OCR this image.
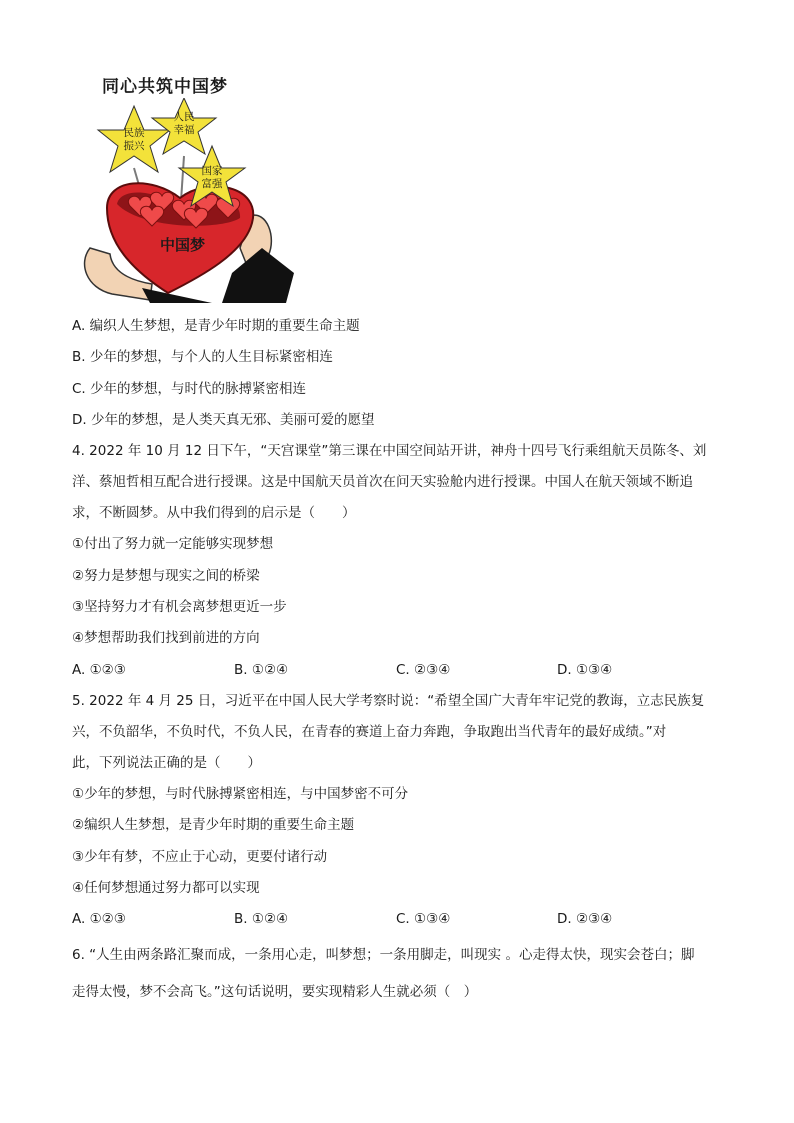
同心共筑中国梦
中国梦
民族
振兴
人民
幸福
国家
富强
A. 编织人生梦想，是青少年时期的重要生命主题
B. 少年的梦想，与个人的人生目标紧密相连
C. 少年的梦想，与时代的脉搏紧密相连
D. 少年的梦想，是人类天真无邪、美丽可爱的愿望
4. 2022 年 10 月 12 日下午，“天宫课堂”第三课在中国空间站开讲，神舟十四号飞行乘组航天员陈冬、刘
洋、蔡旭哲相互配合进行授课。这是中国航天员首次在问天实验舱内进行授课。中国人在航天领域不断追
求，不断圆梦。从中我们得到的启示是（　　）
①付出了努力就一定能够实现梦想
②努力是梦想与现实之间的桥梁
③坚持努力才有机会离梦想更近一步
④梦想帮助我们找到前进的方向
A. ①②③	B. ①②④	C. ②③④	D. ①③④
5. 2022 年 4 月 25 日，习近平在中国人民大学考察时说：“希望全国广大青年牢记党的教诲，立志民族复
兴，不负韶华，不负时代，不负人民，在青春的赛道上奋力奔跑，争取跑出当代青年的最好成绩。”对
此，下列说法正确的是（　　）
①少年的梦想，与时代脉搏紧密相连，与中国梦密不可分
②编织人生梦想，是青少年时期的重要生命主题
③少年有梦，不应止于心动，更要付诸行动
④任何梦想通过努力都可以实现
A. ①②③	B. ①②④	C. ①③④	D. ②③④
6. “人生由两条路汇聚而成，一条用心走，叫梦想；一条用脚走，叫现实 。心走得太快，现实会苍白；脚
走得太慢，梦不会高飞。”这句话说明，要实现精彩人生就必须（　）
